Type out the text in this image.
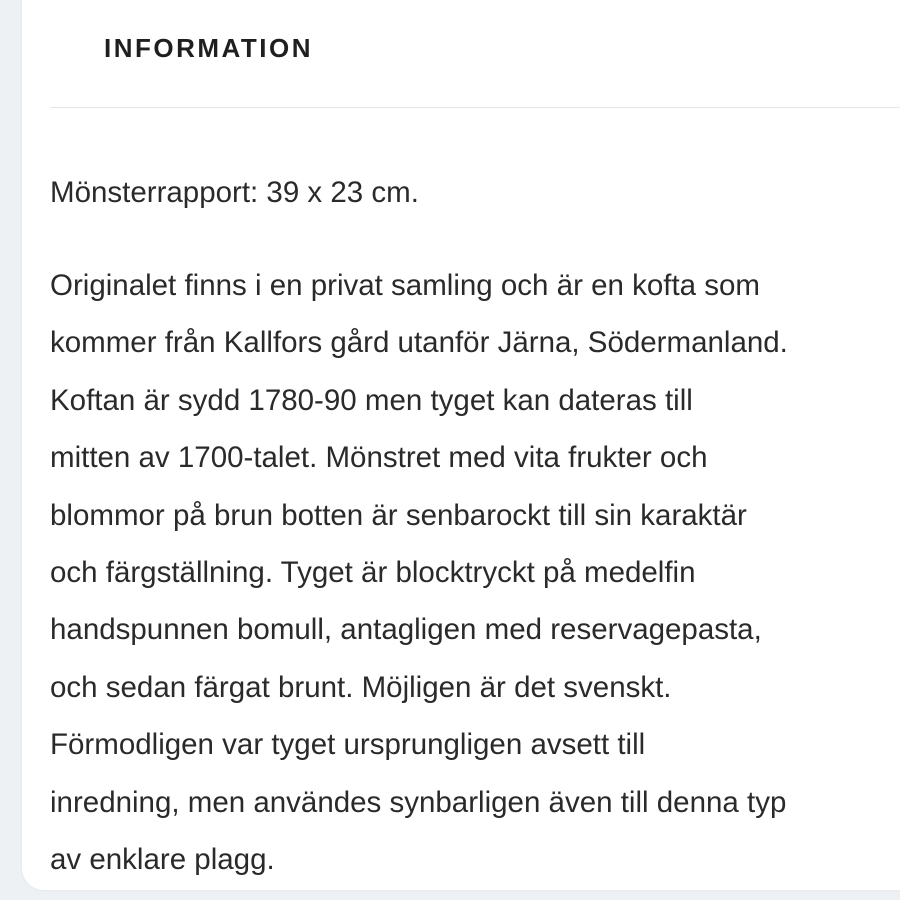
INFORMATION
Mönsterrapport: 39 x 23 cm.
Originalet finns i en privat samling och är en kofta som
kommer från Kallfors gård utanför Järna, Södermanland.
Koftan är sydd 1780-90 men tyget kan dateras till
mitten av 1700-talet. Mönstret med vita frukter och
blommor på brun botten är senbarockt till sin karaktär
och färgställning. Tyget är blocktryckt på medelfin
handspunnen bomull, antagligen med reservagepasta,
och sedan färgat brunt. Möjligen är det svenskt.
Förmodligen var tyget ursprungligen avsett till
inredning, men användes synbarligen även till denna typ
av enklare plagg.
